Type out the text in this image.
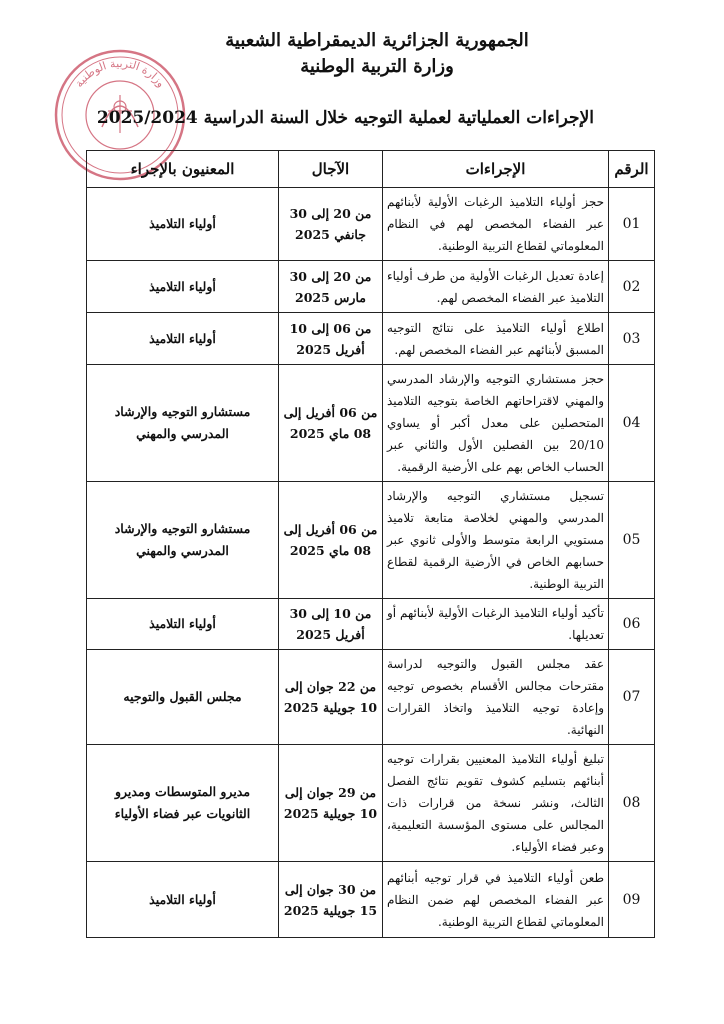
الجمهورية الجزائرية الديمقراطية الشعبية
وزارة التربية الوطنية
وزارة التربية الوطنية
الإجراءات العملياتية لعملية التوجيه خلال السنة الدراسية 2025/2024
الرقم	الإجراءات	الآجال	المعنيون بالإجراء
01	حجز أولياء التلاميذ الرغبات الأولية لأبنائهم عبر الفضاء المخصص لهم في النظام المعلوماتي لقطاع التربية الوطنية.	من 20 إلى 30 جانفي 2025	أولياء التلاميذ
02	إعادة تعديل الرغبات الأولية من طرف أولياء التلاميذ عبر الفضاء المخصص لهم.	من 20 إلى 30 مارس 2025	أولياء التلاميذ
03	اطلاع أولياء التلاميذ على نتائج التوجيه المسبق لأبنائهم عبر الفضاء المخصص لهم.	من 06 إلى 10 أفريل 2025	أولياء التلاميذ
04	حجز مستشاري التوجيه والإرشاد المدرسي والمهني لاقتراحاتهم الخاصة بتوجيه التلاميذ المتحصلين على معدل أكبر أو يساوي 20/10 بين الفصلين الأول والثاني عبر الحساب الخاص بهم على الأرضية الرقمية.	من 06 أفريل إلى 08 ماي 2025	مستشارو التوجيه والإرشاد المدرسي والمهني
05	تسجيل مستشاري التوجيه والإرشاد المدرسي والمهني لخلاصة متابعة تلاميذ مستويي الرابعة متوسط والأولى ثانوي عبر حسابهم الخاص في الأرضية الرقمية لقطاع التربية الوطنية.	من 06 أفريل إلى 08 ماي 2025	مستشارو التوجيه والإرشاد المدرسي والمهني
06	تأكيد أولياء التلاميذ الرغبات الأولية لأبنائهم أو تعديلها.	من 10 إلى 30 أفريل 2025	أولياء التلاميذ
07	عقد مجلس القبول والتوجيه لدراسة مقترحات مجالس الأقسام بخصوص توجيه وإعادة توجيه التلاميذ واتخاذ القرارات النهائية.	من 22 جوان إلى 10 جويلية 2025	مجلس القبول والتوجيه
08	تبليغ أولياء التلاميذ المعنيين بقرارات توجيه أبنائهم بتسليم كشوف تقويم نتائج الفصل الثالث، ونشر نسخة من قرارات ذات المجالس على مستوى المؤسسة التعليمية، وعبر فضاء الأولياء.	من 29 جوان إلى 10 جويلية 2025	مديرو المتوسطات ومديرو الثانويات عبر فضاء الأولياء
09	طعن أولياء التلاميذ في قرار توجيه أبنائهم عبر الفضاء المخصص لهم ضمن النظام المعلوماتي لقطاع التربية الوطنية.	من 30 جوان إلى 15 جويلية 2025	أولياء التلاميذ
